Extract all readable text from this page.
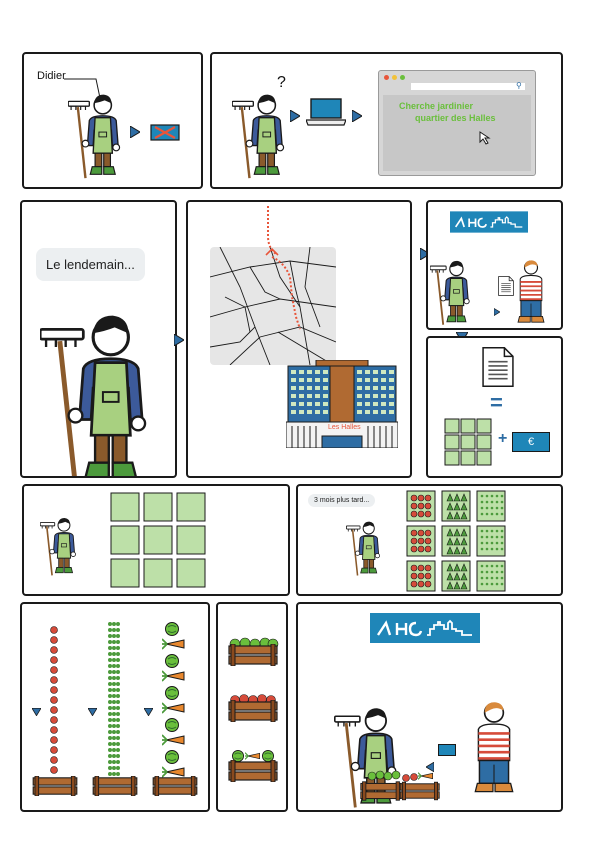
Didier	?	⚲
Cherche jardinier
quartier des Halles
Le lendemain...
Les Halles
=
+	€
3 mois plus tard...
